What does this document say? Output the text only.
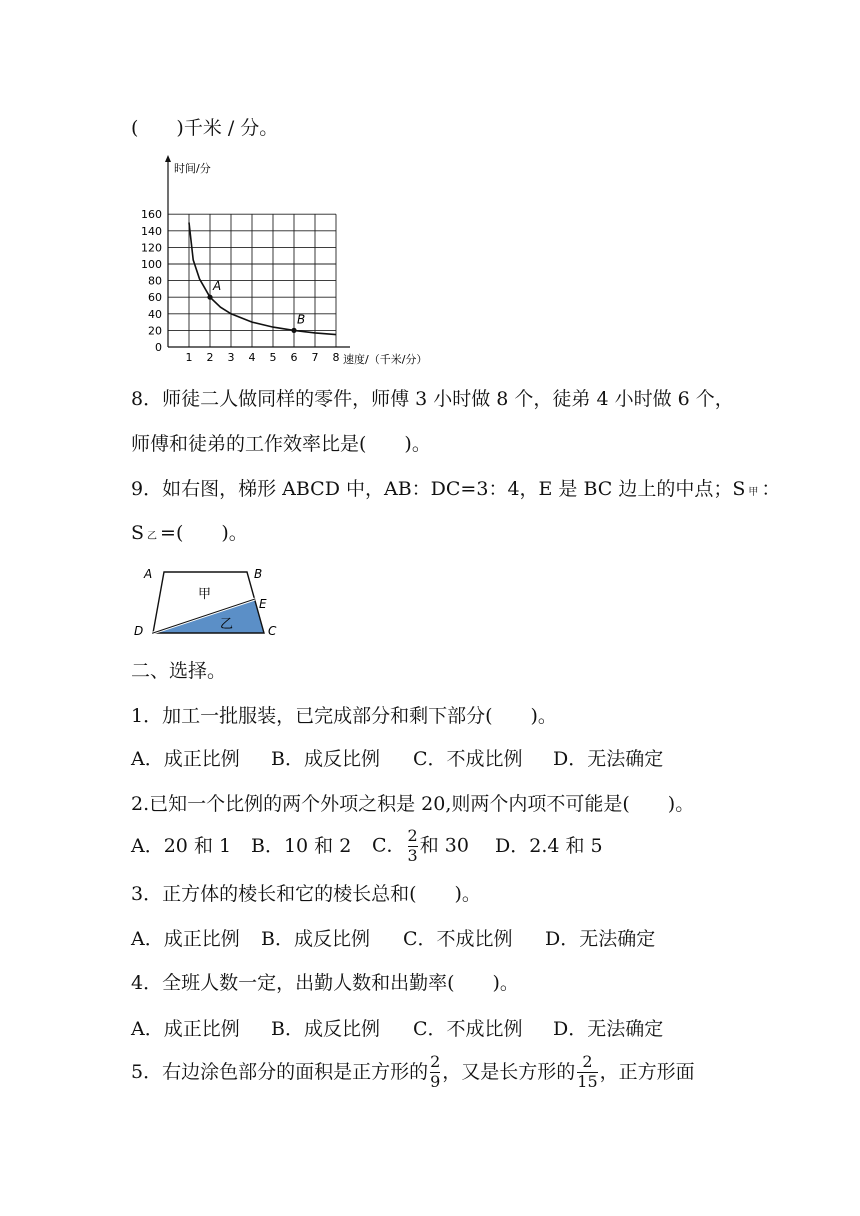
(　　)千米 / 分。
1 2 3 4 5 6 7 8
0
20
40
60
80
100
120
140
160
A
B
时间/分
速度/（千米/分）
8．师徒二人做同样的零件，师傅 3 小时做 8 个，徒弟 4 小时做 6 个，
师傅和徒弟的工作效率比是(　　)。
9．如右图，梯形 ABCD 中，AB：DC=3：4，E 是 BC 边上的中点；S 甲 ：
S乙 =(　　)。
A	B
C
D
E
甲
乙
二、选择。
1．加工一批服装，已完成部分和剩下部分(　　)。
A．成正比例 B．成反比例 C．不成比例 D．无法确定
2.已知一个比例的两个外项之积是 20,则两个内项不可能是(　　)。
A．20 和 1 B．10 和 2 C． $\frac{2}{3}$ 和 30 D．2.4 和 5
3．正方体的棱长和它的棱长总和(　　)。
A．成正比例 B．成反比例 C．不成比例 D．无法确定
4．全班人数一定，出勤人数和出勤率(　　)。
A．成正比例 B．成反比例 C．不成比例 D．无法确定
5．右边涂色部分的面积是正方形的 $\frac{2}{9}$ ，又是长方形的 $\frac{2}{15}$ ，正方形面
